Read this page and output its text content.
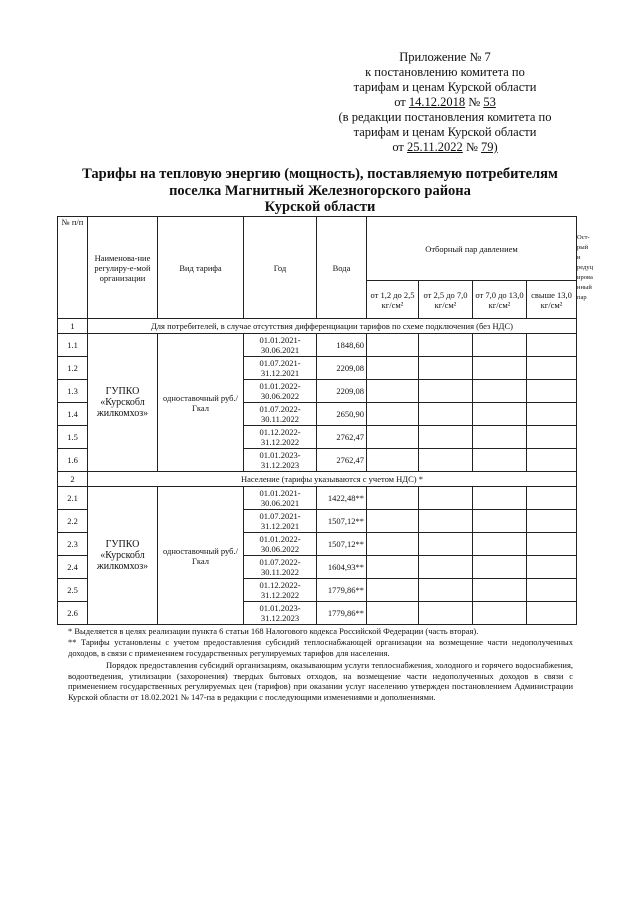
Приложение № 7
к постановлению комитета по
тарифам и ценам Курской области
от 14.12.2018 № 53
(в редакции постановления комитета по
тарифам и ценам Курской области
от 25.11.2022 № 79)
Тарифы на тепловую энергию (мощность), поставляемую потребителям
поселка Магнитный Железногорского района
Курской области
№ п/п	Наименова-ние регулиру-е-мой организации	Вид тарифа	Год	Вода	Отборный пар давлением				Ост-рый и редуц ирова нный пар
					от 1,2 до 2,5 кг/см²	от 2,5 до 7,0 кг/см²	от 7,0 до 13,0 кг/см²	свыше 13,0 кг/см²	
1	Для потребителей, в случае отсутствия дифференциации тарифов по схеме подключения (без НДС)								
1.1	ГУПКО «Курскобл жилкомхоз»	одноставочный руб./Гкал	01.01.2021- 30.06.2021	1848,60					
1.2			01.07.2021- 31.12.2021	2209,08					
1.3			01.01.2022- 30.06.2022	2209,08					
1.4			01.07.2022- 30.11.2022	2650,90					
1.5			01.12.2022- 31.12.2022	2762,47					
1.6			01.01.2023- 31.12.2023	2762,47					
2	Население (тарифы указываются с учетом НДС) *								
2.1	ГУПКО «Курскобл жилкомхоз»	одноставочный руб./Гкал	01.01.2021- 30.06.2021	1422,48**					
2.2			01.07.2021- 31.12.2021	1507,12**					
2.3			01.01.2022- 30.06.2022	1507,12**					
2.4			01.07.2022- 30.11.2022	1604,93**					
2.5			01.12.2022- 31.12.2022	1779,86**					
2.6			01.01.2023- 31.12.2023	1779,86**					
* Выделяется в целях реализации пункта 6 статьи 168 Налогового кодекса Российской Федерации (часть вторая).
** Тарифы установлены с учетом предоставления субсидий теплоснабжающей организации на возмещение части недополученных доходов, в связи с применением государственных регулируемых тарифов для населения.
Порядок предоставления субсидий организациям, оказывающим услуги теплоснабжения, холодного и горячего водоснабжения, водоотведения, утилизации (захоронения) твердых бытовых отходов, на возмещение части недополученных доходов в связи с применением государственных регулируемых цен (тарифов) при оказании услуг населению утвержден постановлением Администрации Курской области от 18.02.2021 № 147-па в редакции с последующими изменениями и дополнениями.
